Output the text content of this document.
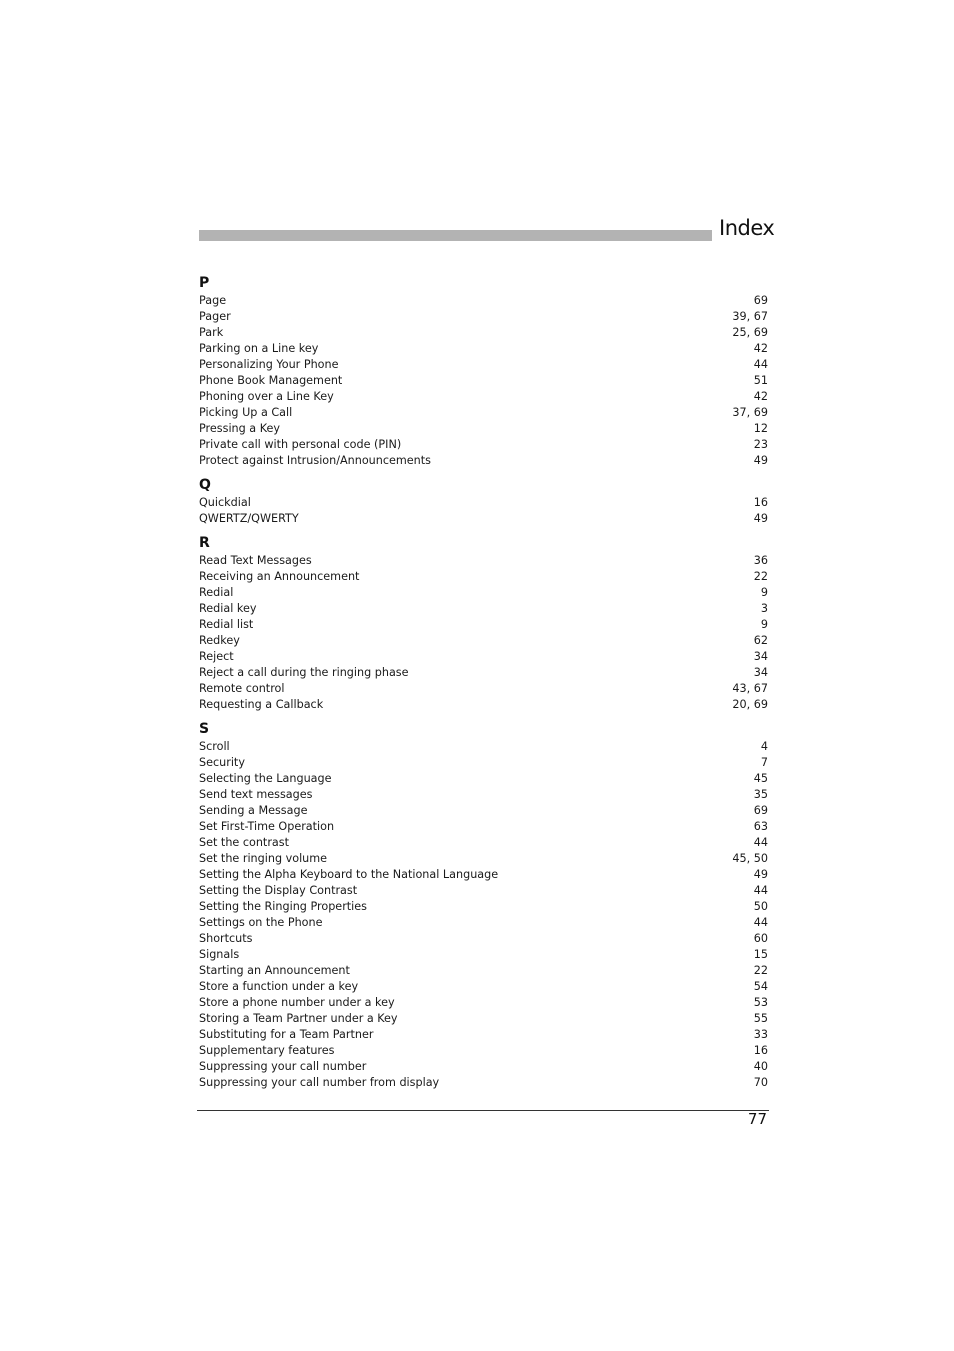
Index
P
Page	69
Pager	39, 67
Park	25, 69
Parking on a Line key	42
Personalizing Your Phone	44
Phone Book Management	51
Phoning over a Line Key	42
Picking Up a Call	37, 69
Pressing a Key	12
Private call with personal code (PIN)	23
Protect against Intrusion/Announcements	49
Q
Quickdial	16
QWERTZ/QWERTY	49
R
Read Text Messages	36
Receiving an Announcement	22
Redial	9
Redial key	3
Redial list	9
Redkey	62
Reject	34
Reject a call during the ringing phase	34
Remote control	43, 67
Requesting a Callback	20, 69
S
Scroll	4
Security	7
Selecting the Language	45
Send text messages	35
Sending a Message	69
Set First-Time Operation	63
Set the contrast	44
Set the ringing volume	45, 50
Setting the Alpha Keyboard to the National Language	49
Setting the Display Contrast	44
Setting the Ringing Properties	50
Settings on the Phone	44
Shortcuts	60
Signals	15
Starting an Announcement	22
Store a function under a key	54
Store a phone number under a key	53
Storing a Team Partner under a Key	55
Substituting for a Team Partner	33
Supplementary features	16
Suppressing your call number	40
Suppressing your call number from display	70
77
